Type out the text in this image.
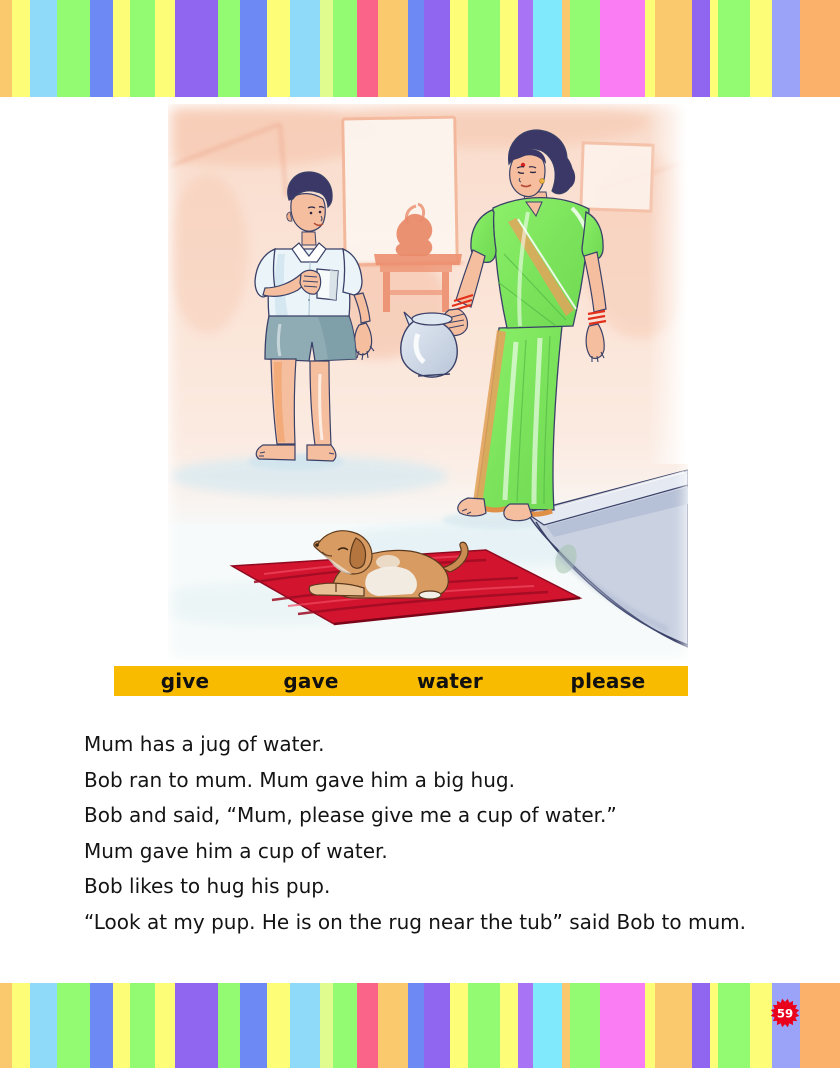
give	gave	water	please

Mum has a jug of water.

Bob ran to mum. Mum gave him a big hug.

Bob and said, “Mum, please give me a cup of water.”

Mum gave him a cup of water.

Bob likes to hug his pup.

“Look at my pup. He is on the rug near the tub” said Bob to mum.

59
